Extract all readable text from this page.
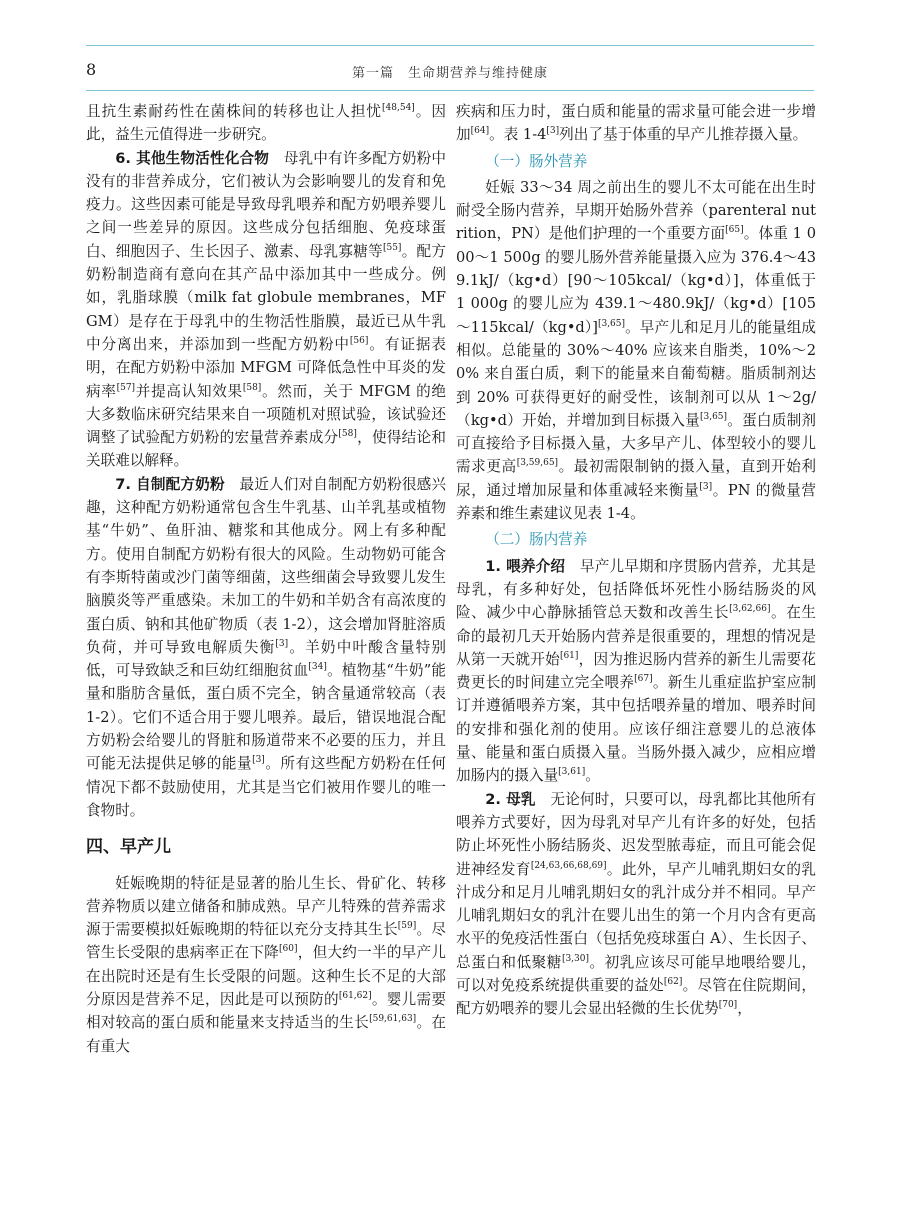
8	第一篇　生命期营养与维持健康

且抗生素耐药性在菌株间的转移也让人担忧[48,54]。因此，益生元值得进一步研究。

6. 其他生物活性化合物　母乳中有许多配方奶粉中没有的非营养成分，它们被认为会影响婴儿的发育和免疫力。这些因素可能是导致母乳喂养和配方奶喂养婴儿之间一些差异的原因。这些成分包括细胞、免疫球蛋白、细胞因子、生长因子、激素、母乳寡糖等[55]。配方奶粉制造商有意向在其产品中添加其中一些成分。例如，乳脂球膜（milk fat globule membranes，MFGM）是存在于母乳中的生物活性脂膜，最近已从牛乳中分离出来，并添加到一些配方奶粉中[56]。有证据表明，在配方奶粉中添加 MFGM 可降低急性中耳炎的发病率[57]并提高认知效果[58]。然而，关于 MFGM 的绝大多数临床研究结果来自一项随机对照试验，该试验还调整了试验配方奶粉的宏量营养素成分[58]，使得结论和关联难以解释。

7. 自制配方奶粉　最近人们对自制配方奶粉很感兴趣，这种配方奶粉通常包含生牛乳基、山羊乳基或植物基“牛奶”、鱼肝油、糖浆和其他成分。网上有多种配方。使用自制配方奶粉有很大的风险。生动物奶可能含有李斯特菌或沙门菌等细菌，这些细菌会导致婴儿发生脑膜炎等严重感染。未加工的牛奶和羊奶含有高浓度的蛋白质、钠和其他矿物质（表 1-2），这会增加肾脏溶质负荷，并可导致电解质失衡[3]。羊奶中叶酸含量特别低，可导致缺乏和巨幼红细胞贫血[34]。植物基“牛奶”能量和脂肪含量低，蛋白质不完全，钠含量通常较高（表 1-2）。它们不适合用于婴儿喂养。最后，错误地混合配方奶粉会给婴儿的肾脏和肠道带来不必要的压力，并且可能无法提供足够的能量[3]。所有这些配方奶粉在任何情况下都不鼓励使用，尤其是当它们被用作婴儿的唯一食物时。

四、早产儿

妊娠晚期的特征是显著的胎儿生长、骨矿化、转移营养物质以建立储备和肺成熟。早产儿特殊的营养需求源于需要模拟妊娠晚期的特征以充分支持其生长[59]。尽管生长受限的患病率正在下降[60]，但大约一半的早产儿在出院时还是有生长受限的问题。这种生长不足的大部分原因是营养不足，因此是可以预防的[61,62]。婴儿需要相对较高的蛋白质和能量来支持适当的生长[59,61,63]。在有重大

疾病和压力时，蛋白质和能量的需求量可能会进一步增加[64]。表 1-4[3]列出了基于体重的早产儿推荐摄入量。

（一）肠外营养

妊娠 33～34 周之前出生的婴儿不太可能在出生时耐受全肠内营养，早期开始肠外营养（parenteral nutrition，PN）是他们护理的一个重要方面[65]。体重 1 000～1 500g 的婴儿肠外营养能量摄入应为 376.4～439.1kJ/（kg•d）[90～105kcal/（kg•d）]，体重低于 1 000g 的婴儿应为 439.1～480.9kJ/（kg•d）[105～115kcal/（kg•d）][3,65]。早产儿和足月儿的能量组成相似。总能量的 30%～40% 应该来自脂类，10%～20% 来自蛋白质，剩下的能量来自葡萄糖。脂质制剂达到 20% 可获得更好的耐受性，该制剂可以从 1～2g/（kg•d）开始，并增加到目标摄入量[3,65]。蛋白质制剂可直接给予目标摄入量，大多早产儿、体型较小的婴儿需求更高[3,59,65]。最初需限制钠的摄入量，直到开始利尿，通过增加尿量和体重减轻来衡量[3]。PN 的微量营养素和维生素建议见表 1-4。

（二）肠内营养

1. 喂养介绍　早产儿早期和序贯肠内营养，尤其是母乳，有多种好处，包括降低坏死性小肠结肠炎的风险、减少中心静脉插管总天数和改善生长[3,62,66]。在生命的最初几天开始肠内营养是很重要的，理想的情况是从第一天就开始[61]，因为推迟肠内营养的新生儿需要花费更长的时间建立完全喂养[67]。新生儿重症监护室应制订并遵循喂养方案，其中包括喂养量的增加、喂养时间的安排和强化剂的使用。应该仔细注意婴儿的总液体量、能量和蛋白质摄入量。当肠外摄入减少，应相应增加肠内的摄入量[3,61]。

2. 母乳　无论何时，只要可以，母乳都比其他所有喂养方式要好，因为母乳对早产儿有许多的好处，包括防止坏死性小肠结肠炎、迟发型脓毒症，而且可能会促进神经发育[24,63,66,68,69]。此外，早产儿哺乳期妇女的乳汁成分和足月儿哺乳期妇女的乳汁成分并不相同。早产儿哺乳期妇女的乳汁在婴儿出生的第一个月内含有更高水平的免疫活性蛋白（包括免疫球蛋白 A）、生长因子、总蛋白和低聚糖[3,30]。初乳应该尽可能早地喂给婴儿，可以对免疫系统提供重要的益处[62]。尽管在住院期间，配方奶喂养的婴儿会显出轻微的生长优势[70]，
